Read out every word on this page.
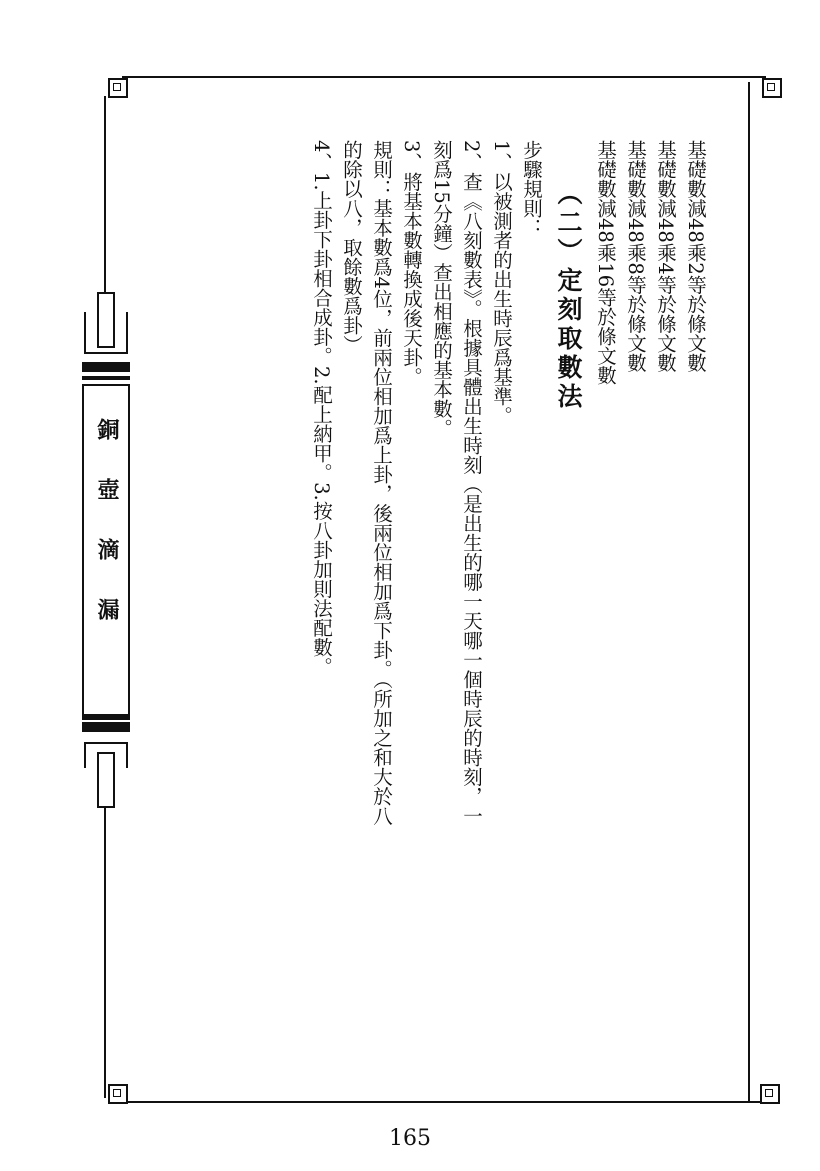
銅壺滴漏

基礎數減48乘2等於條文數

基礎數減48乘4等於條文數

基礎數減48乘8等於條文數

基礎數減48乘16等於條文數

（二）定刻取數法

步驟規則：

1、以被測者的出生時辰爲基準。

2、查《八刻數表》。根據具體出生時刻（是出生的哪一天哪一個時辰的時刻，一

刻爲15分鐘）查出相應的基本數。

3、將基本數轉換成後天卦。

規則：基本數爲4位，前兩位相加爲上卦，後兩位相加爲下卦。（所加之和大於八

的除以八，取餘數爲卦）

4、1.上卦下卦相合成卦。2.配上納甲。3.按八卦加則法配數。

165
